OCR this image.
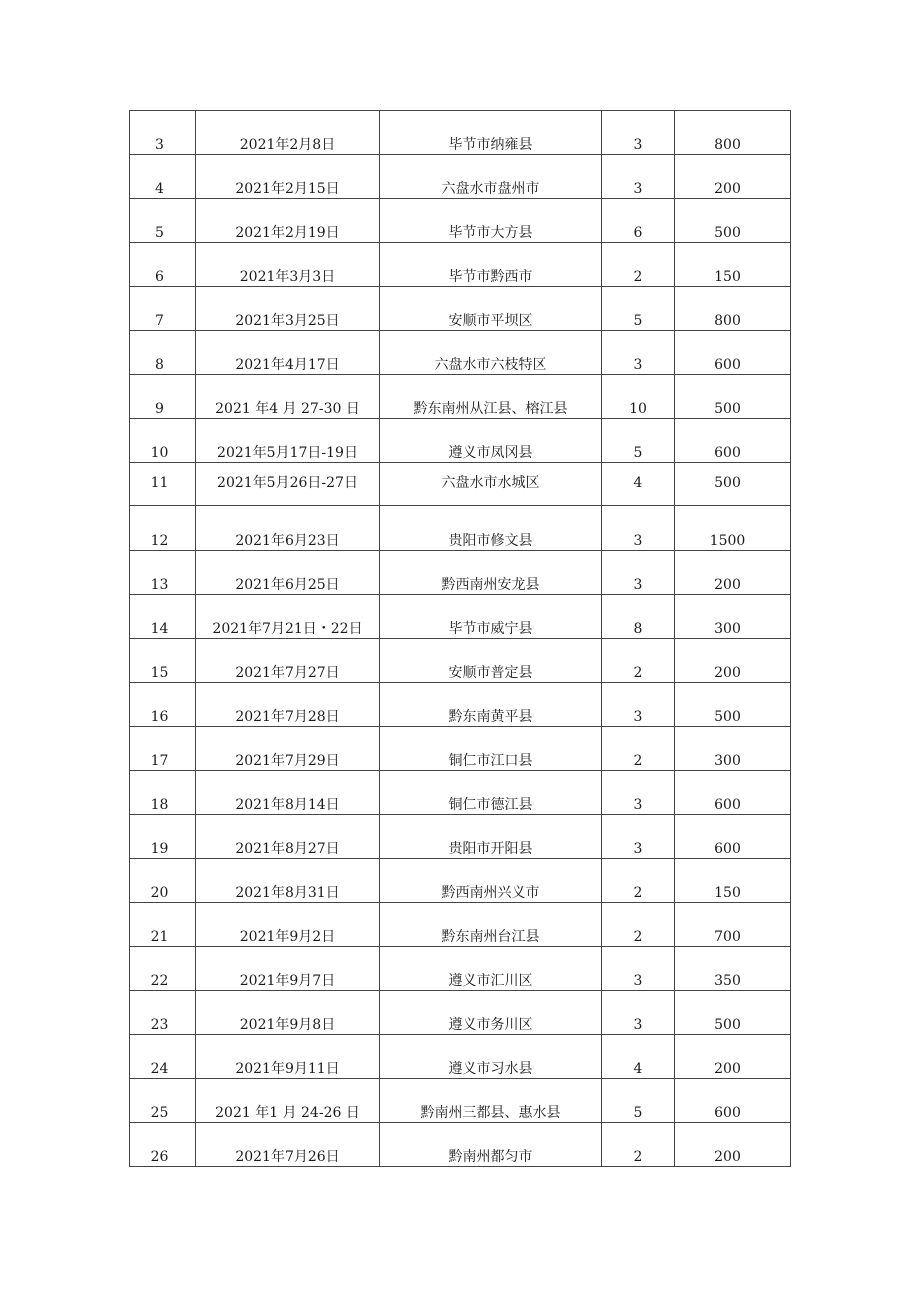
3	2021年2月8日	毕节市纳雍县	3	800

4	2021年2月15日	六盘水市盘州市	3	200

5	2021年2月19日	毕节市大方县	6	500

6	2021年3月3日	毕节市黔西市	2	150

7	2021年3月25日	安顺市平坝区	5	800

8	2021年4月17日	六盘水市六枝特区	3	600

9	2021 年4 月 27-30 日	黔东南州从江县、榕江县	10	500

10	2021年5月17日-19日	遵义市凤冈县	5	600

11	2021年5月26日-27日	六盘水市水城区	4	500

12	2021年6月23日	贵阳市修文县	3	1500

13	2021年6月25日	黔西南州安龙县	3	200

14	2021年7月21日・22日	毕节市威宁县	8	300

15	2021年7月27日	安顺市普定县	2	200

16	2021年7月28日	黔东南黄平县	3	500

17	2021年7月29日	铜仁市江口县	2	300

18	2021年8月14日	铜仁市德江县	3	600

19	2021年8月27日	贵阳市开阳县	3	600

20	2021年8月31日	黔西南州兴义市	2	150

21	2021年9月2日	黔东南州台江县	2	700

22	2021年9月7日	遵义市汇川区	3	350

23	2021年9月8日	遵义市务川区	3	500

24	2021年9月11日	遵义市习水县	4	200

25	2021 年1 月 24-26 日	黔南州三都县、惠水县	5	600

26	2021年7月26日	黔南州都匀市	2	200
